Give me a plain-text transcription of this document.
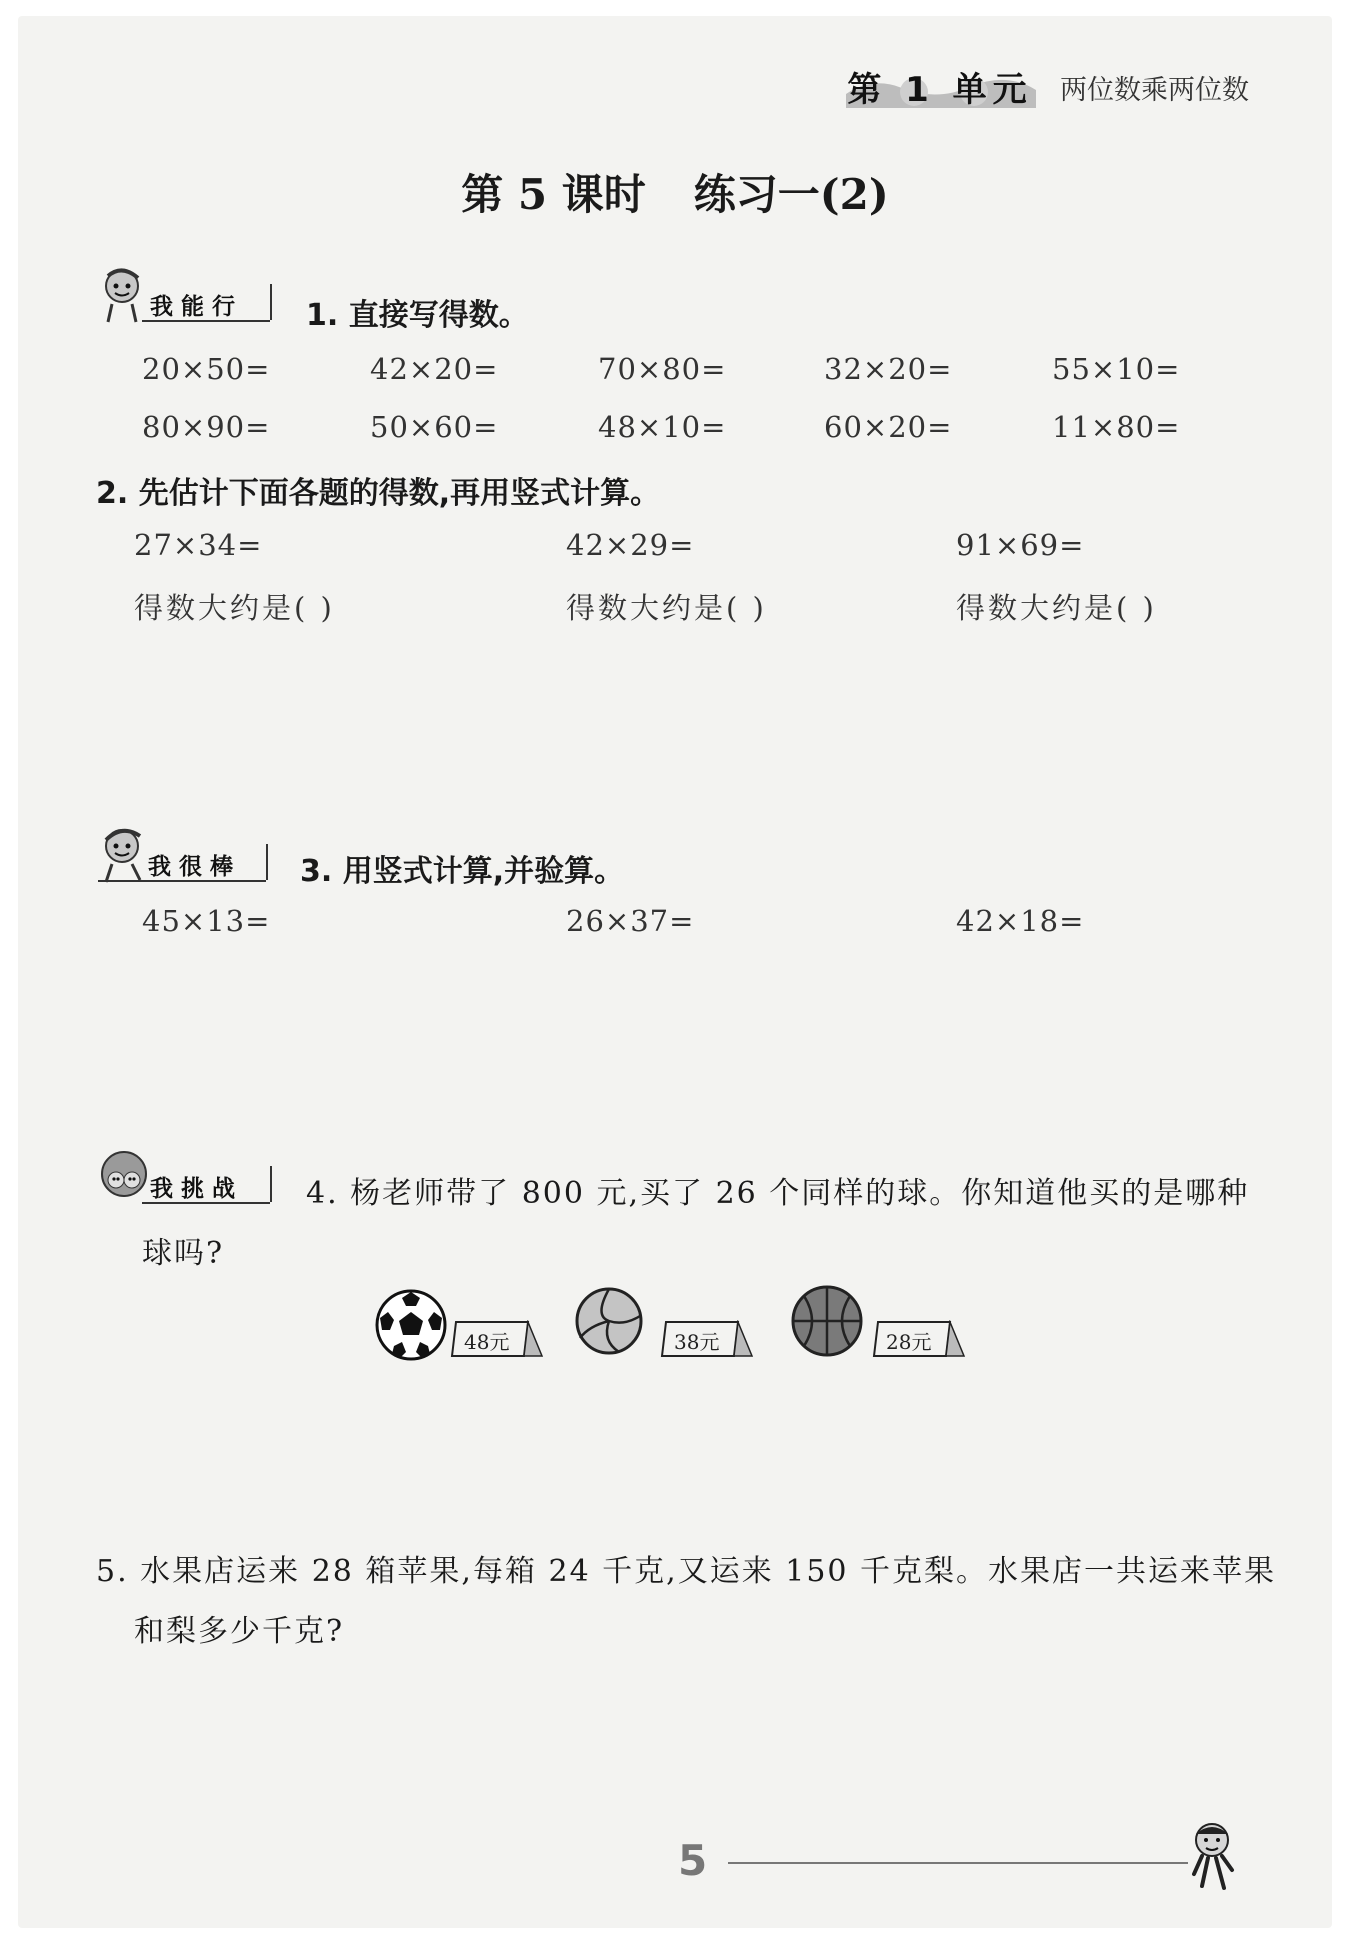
第 1 单元 两位数乘两位数
第 5 课时 练习一(2)
我能行 1. 直接写得数。
20×50=	42×20=	70×80=	32×20=	55×10=
80×90=	50×60=	48×10=	60×20=	11×80=
2. 先估计下面各题的得数,再用竖式计算。
27×34=	42×29=	91×69=
得数大约是( )	得数大约是( )	得数大约是( )
我很棒 3. 用竖式计算,并验算。
45×13=	26×37=	42×18=
我挑战 4. 杨老师带了 800 元,买了 26 个同样的球。你知道他买的是哪种
球吗?
48元	38元	28元
5. 水果店运来 28 箱苹果,每箱 24 千克,又运来 150 千克梨。水果店一共运来苹果
和梨多少千克?
5
